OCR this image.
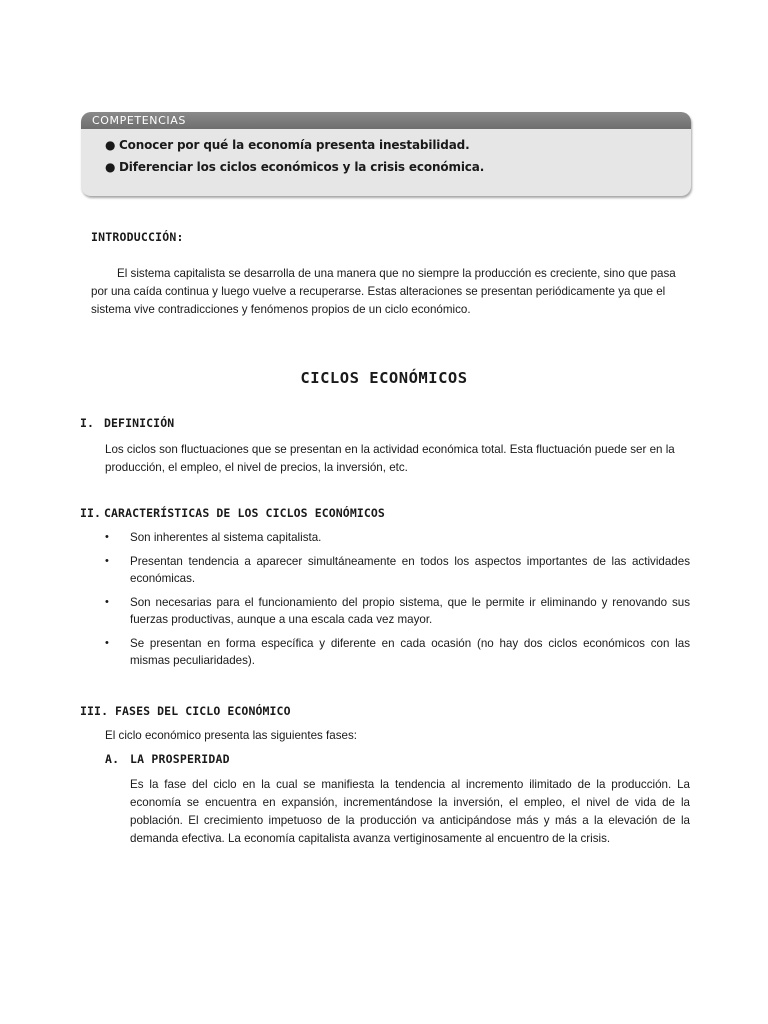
COMPETENCIAS
● Conocer por qué la economía presenta inestabilidad.
● Diferenciar los ciclos económicos y la crisis económica.
INTRODUCCIÓN:

El sistema capitalista se desarrolla de una manera que no siempre la producción es creciente, sino que pasa por una caída continua y luego vuelve a recuperarse. Estas alteraciones se presentan periódicamente ya que el sistema vive contradicciones y fenómenos propios de un ciclo económico.

CICLOS ECONÓMICOS
I. DEFINICIÓN

Los ciclos son fluctuaciones que se presentan en la actividad económica total. Esta fluctuación puede ser en la producción, el empleo, el nivel de precios, la inversión, etc.

II. CARACTERÍSTICAS DE LOS CICLOS ECONÓMICOS
• Son inherentes al sistema capitalista.
• Presentan tendencia a aparecer simultáneamente en todos los aspectos importantes de las actividades económicas.
• Son necesarias para el funcionamiento del propio sistema, que le permite ir eliminando y renovando sus fuerzas productivas, aunque a una escala cada vez mayor.
• Se presentan en forma específica y diferente en cada ocasión (no hay dos ciclos económicos con las mismas peculiaridades).
III. FASES DEL CICLO ECONÓMICO

El ciclo económico presenta las siguientes fases:

A. LA PROSPERIDAD

Es la fase del ciclo en la cual se manifiesta la tendencia al incremento ilimitado de la producción. La economía se encuentra en expansión, incrementándose la inversión, el empleo, el nivel de vida de la población. El crecimiento impetuoso de la producción va anticipándose más y más a la elevación de la demanda efectiva. La economía capitalista avanza vertiginosamente al encuentro de la crisis.
